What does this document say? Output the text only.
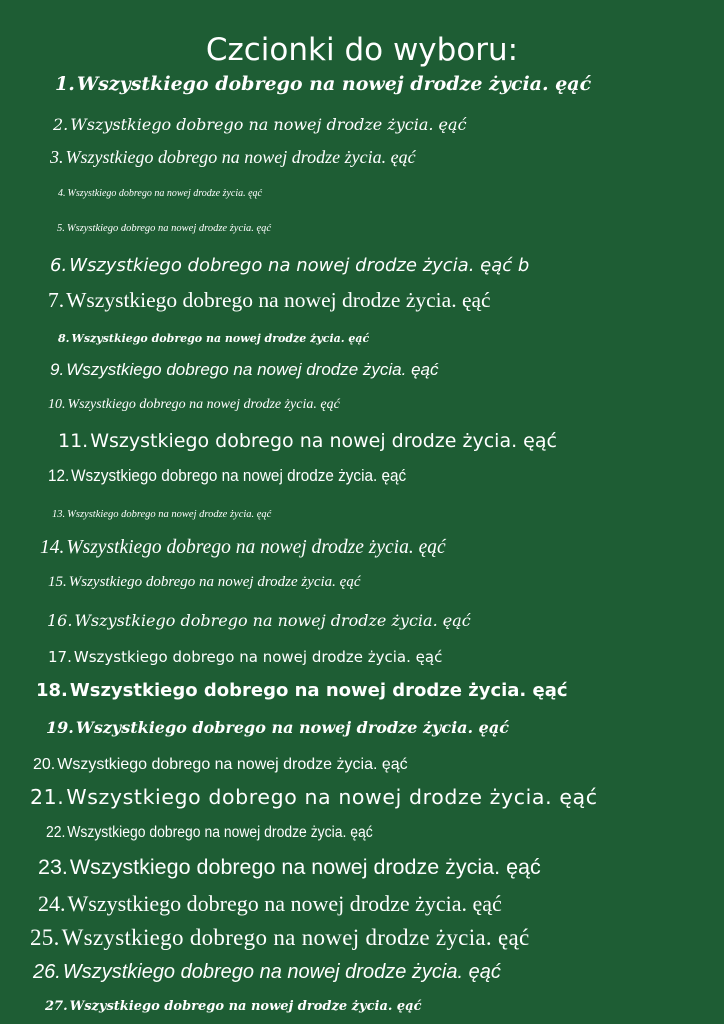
Czcionki do wyboru:
1. Wszystkiego dobrego na nowej drodze życia. ęąć
2. Wszystkiego dobrego na nowej drodze życia. ęąć
3. Wszystkiego dobrego na nowej drodze życia. ęąć
4. Wszystkiego dobrego na nowej drodze życia. ęąć
5. Wszystkiego dobrego na nowej drodze życia. ęąć
6. Wszystkiego dobrego na nowej drodze życia. ęąć b
7.Wszystkiego dobrego na nowej drodze życia. ęąć
8. Wszystkiego dobrego na nowej drodze życia. ęąć
9. Wszystkiego dobrego na nowej drodze życia. ęąć
10. Wszystkiego dobrego na nowej drodze życia. ęąć
11. Wszystkiego dobrego na nowej drodze życia. ęąć
12. Wszystkiego dobrego na nowej drodze życia. ęąć
13. Wszystkiego dobrego na nowej drodze życia. ęąć
14. Wszystkiego dobrego na nowej drodze życia. ęąć
15. Wszystkiego dobrego na nowej drodze życia. ęąć
16. Wszystkiego dobrego na nowej drodze życia. ęąć
17. Wszystkiego dobrego na nowej drodze życia. ęąć
18. Wszystkiego dobrego na nowej drodze życia. ęąć
19. Wszystkiego dobrego na nowej drodze życia. ęąć
20. Wszystkiego dobrego na nowej drodze życia. ęąć
21.Wszystkiego dobrego na nowej drodze życia. ęąć
22. Wszystkiego dobrego na nowej drodze życia. ęąć
23.Wszystkiego dobrego na nowej drodze życia. ęąć
24.Wszystkiego dobrego na nowej drodze życia. ęąć
25.Wszystkiego dobrego na nowej drodze życia. ęąć
26. Wszystkiego dobrego na nowej drodze życia. ęąć
27. Wszystkiego dobrego na nowej drodze życia. ęąć
